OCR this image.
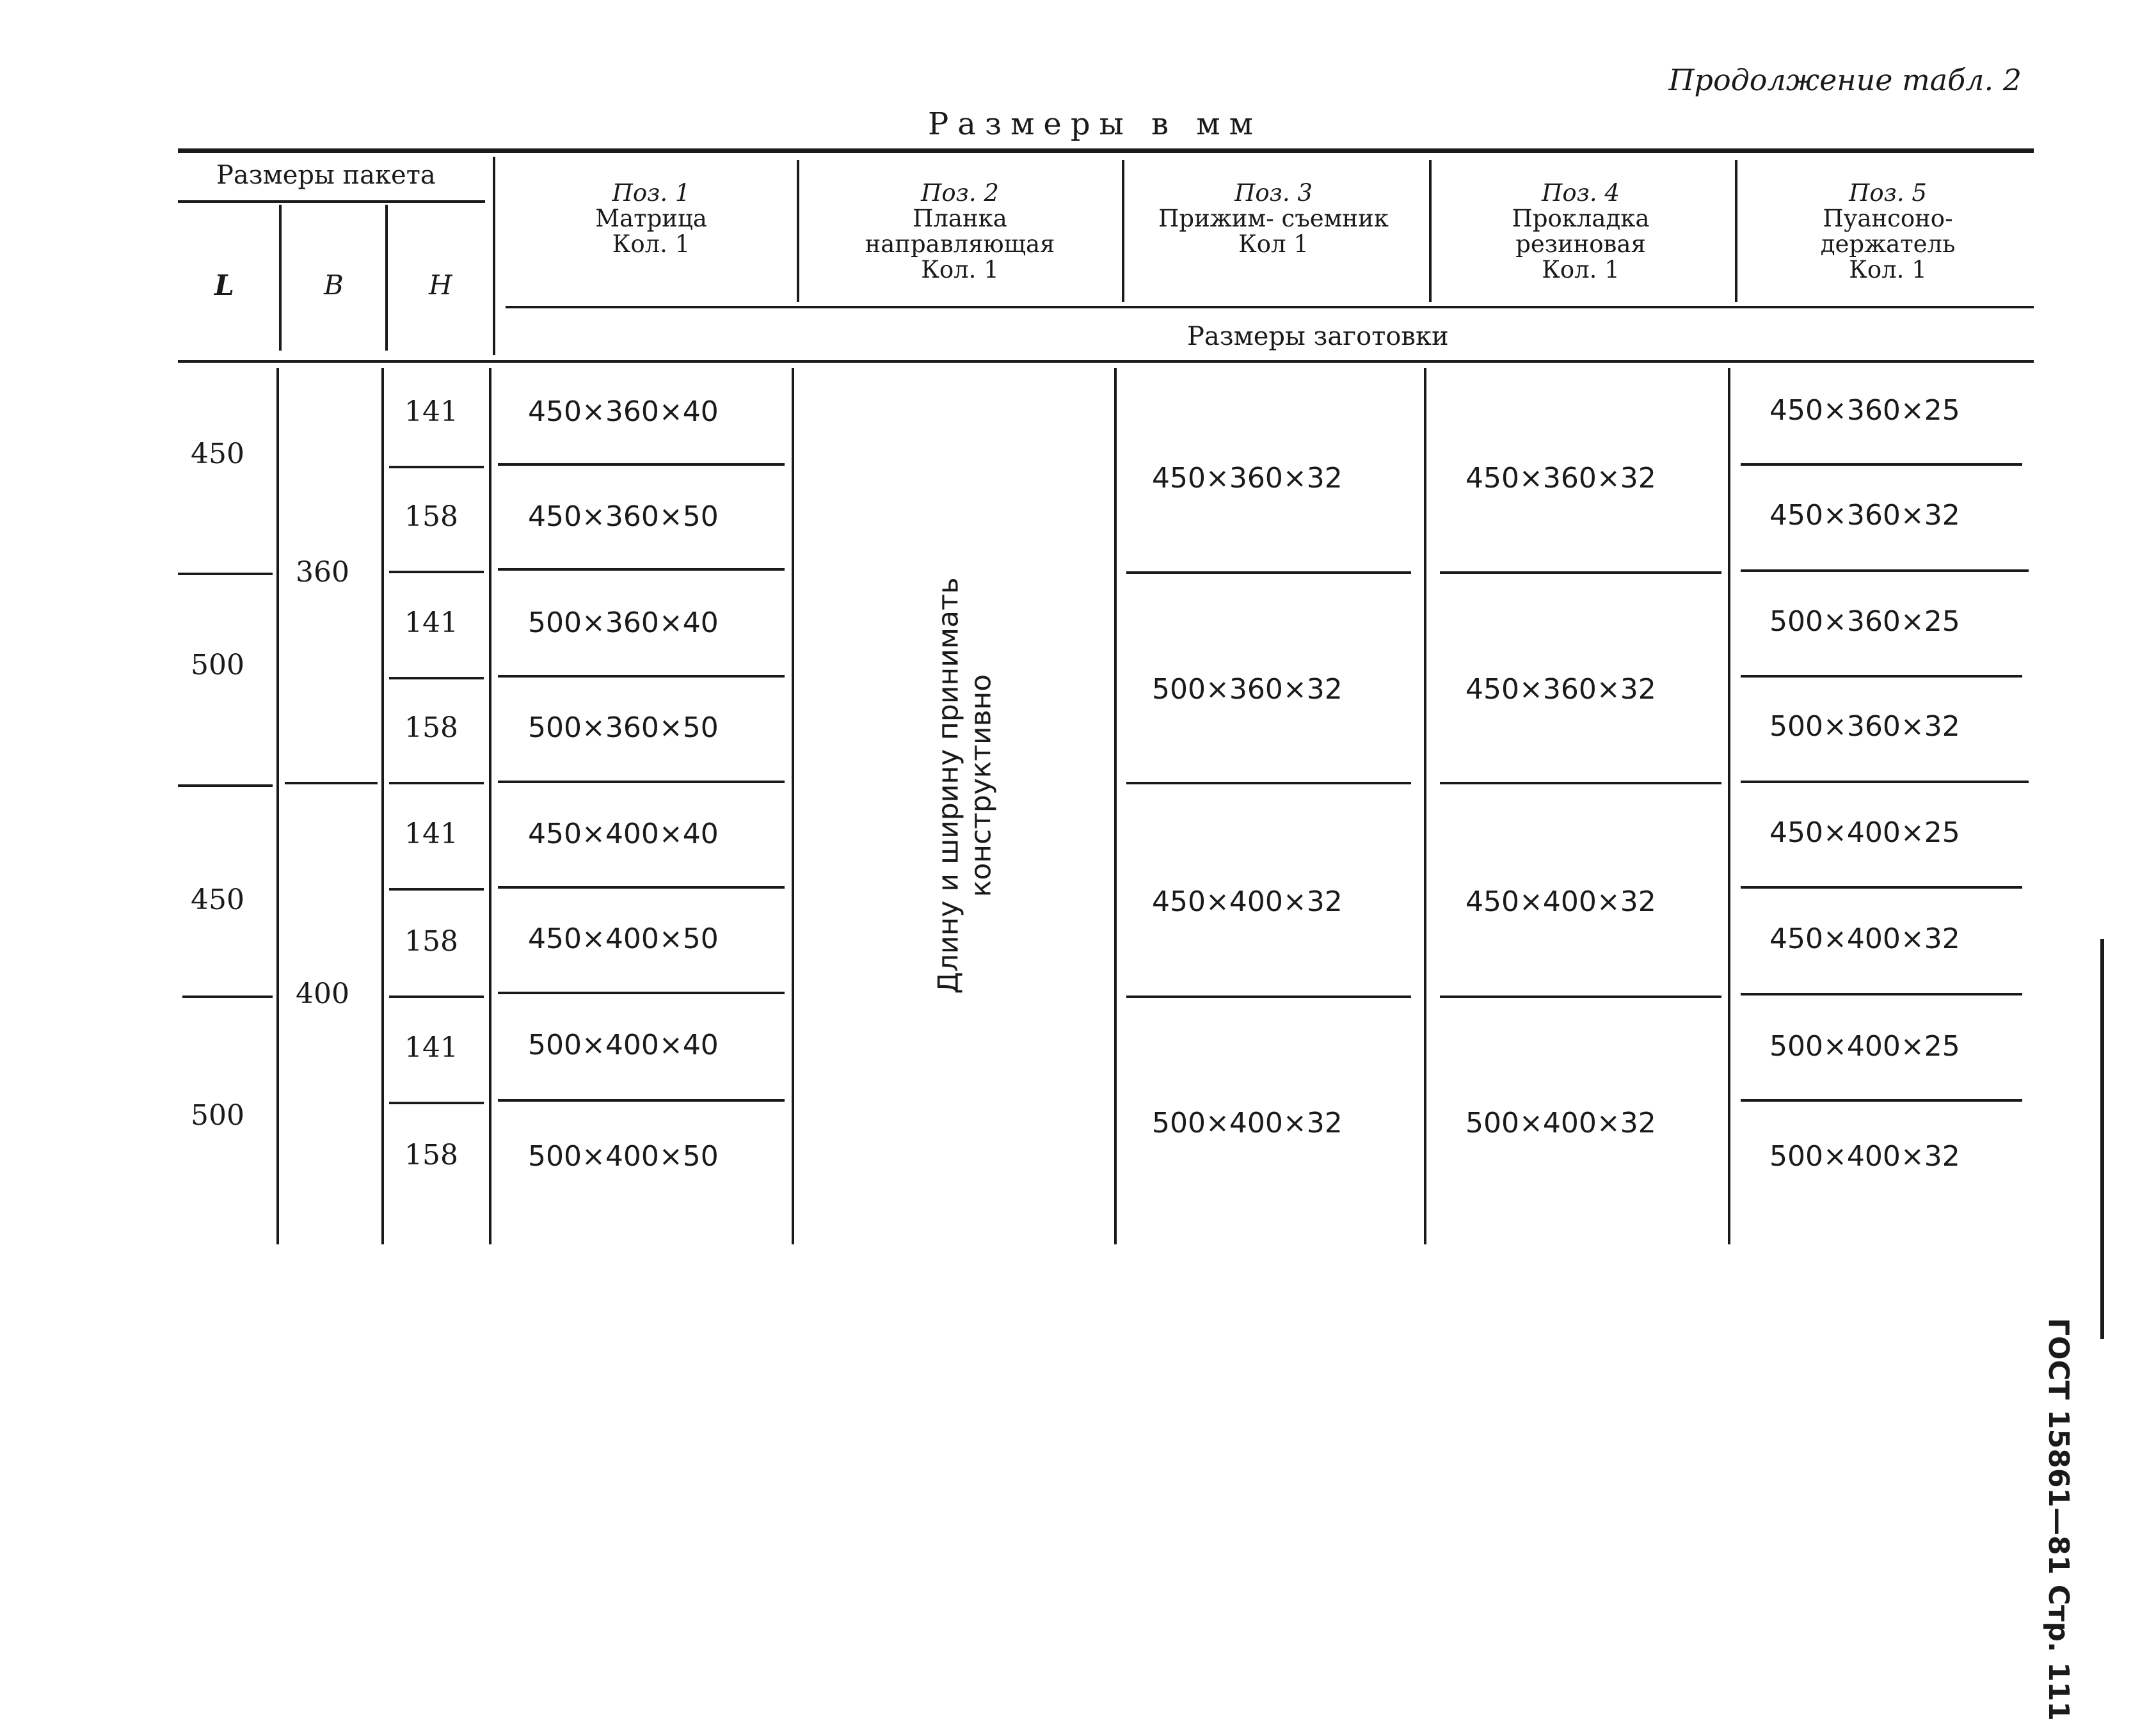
Продолжение табл. 2
Размеры в мм
ГОСТ 15861—81 Стр. 111
Размеры пакета
L	B	H
Поз. 1
Матрица
Кол. 1
Поз. 2
Планка направляющая
Кол. 1
Поз. 3
Прижим- съемник
Кол 1
Поз. 4
Прокладка резиновая
Кол. 1
Поз. 5
Пуансоно- держатель
Кол. 1
Размеры заготовки
450
500
450
500
360
400
141
158
141
158
141
158
141
158
450×360×40
450×360×50
500×360×40
500×360×50
450×400×40
450×400×50
500×400×40
500×400×50
Длину и ширину принимать конструктивно
450×360×32
500×360×32
450×400×32
500×400×32
450×360×32
450×360×32
450×400×32
500×400×32
450×360×25
450×360×32
500×360×25
500×360×32
450×400×25
450×400×32
500×400×25
500×400×32
